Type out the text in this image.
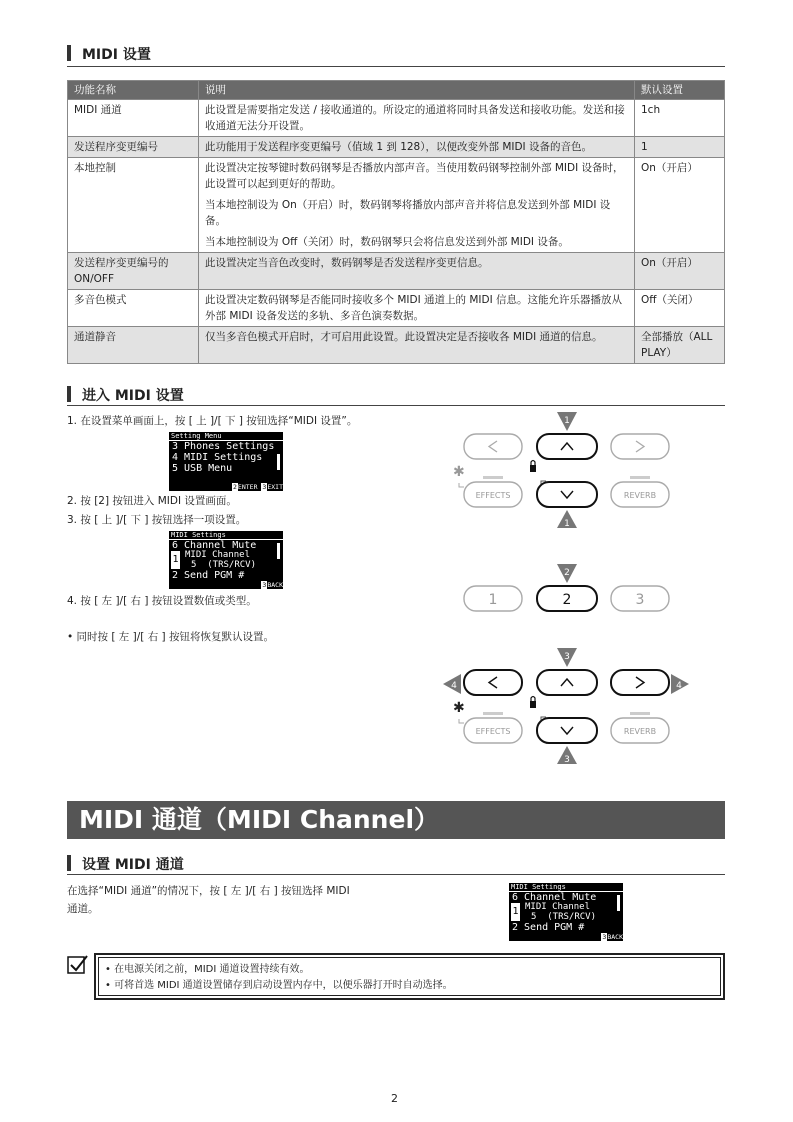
MIDI 设置
功能名称	说明	默认设置
MIDI 通道	此设置是需要指定发送 / 接收通道的。所设定的通道将同时具备发送和接收功能。发送和接收通道无法分开设置。	1ch
发送程序变更编号	此功能用于发送程序变更编号（值域 1 到 128），以便改变外部 MIDI 设备的音色。	1
本地控制	此设置决定按琴键时数码钢琴是否播放内部声音。当使用数码钢琴控制外部 MIDI 设备时，此设置可以起到更好的帮助。

当本地控制设为 On（开启）时，数码钢琴将播放内部声音并将信息发送到外部 MIDI 设备。

当本地控制设为 Off（关闭）时，数码钢琴只会将信息发送到外部 MIDI 设备。	On（开启）
发送程序变更编号的 ON/OFF	此设置决定当音色改变时，数码钢琴是否发送程序变更信息。	On（开启）
多音色模式	此设置决定数码钢琴是否能同时接收多个 MIDI 通道上的 MIDI 信息。这能允许乐器播放从外部 MIDI 设备发送的多轨、多音色演奏数据。	Off（关闭）
通道静音	仅当多音色模式开启时，才可启用此设置。此设置决定是否接收各 MIDI 通道的信息。	全部播放（ALL PLAY）
进入 MIDI 设置
1. 在设置菜单画面上，按 [ 上 ]/[ 下 ] 按钮选择“MIDI 设置”。
Setting Menu
3 Phones Settings
4 MIDI Settings
5 USB Menu
2ENTER 3EXIT
2. 按 [2] 按钮进入 MIDI 设置画面。
3. 按 [ 上 ]/[ 下 ] 按钮选择一项设置。
MIDI Settings
6 Channel Mute
MIDI Channel
5  (TRS/RCV)
2 Send PGM #
1
3BACK
4. 按 [ 左 ]/[ 右 ] 按钮设置数值或类型。
• 同时按 [ 左 ]/[ 右 ] 按钮将恢复默认设置。
✱
EFFECTS	REVERB
1
1
2
1	2	3
3
4	4
✱
EFFECTS	REVERB
3
MIDI 通道（MIDI Channel）
设置 MIDI 通道
在选择“MIDI 通道”的情况下，按 [ 左 ]/[ 右 ] 按钮选择 MIDI
通道。
MIDI Settings
6 Channel Mute
MIDI Channel
5  (TRS/RCV)
2 Send PGM #
1
3BACK
• 在电源关闭之前，MIDI 通道设置持续有效。
• 可将首选 MIDI 通道设置储存到启动设置内存中，以便乐器打开时自动选择。
2
